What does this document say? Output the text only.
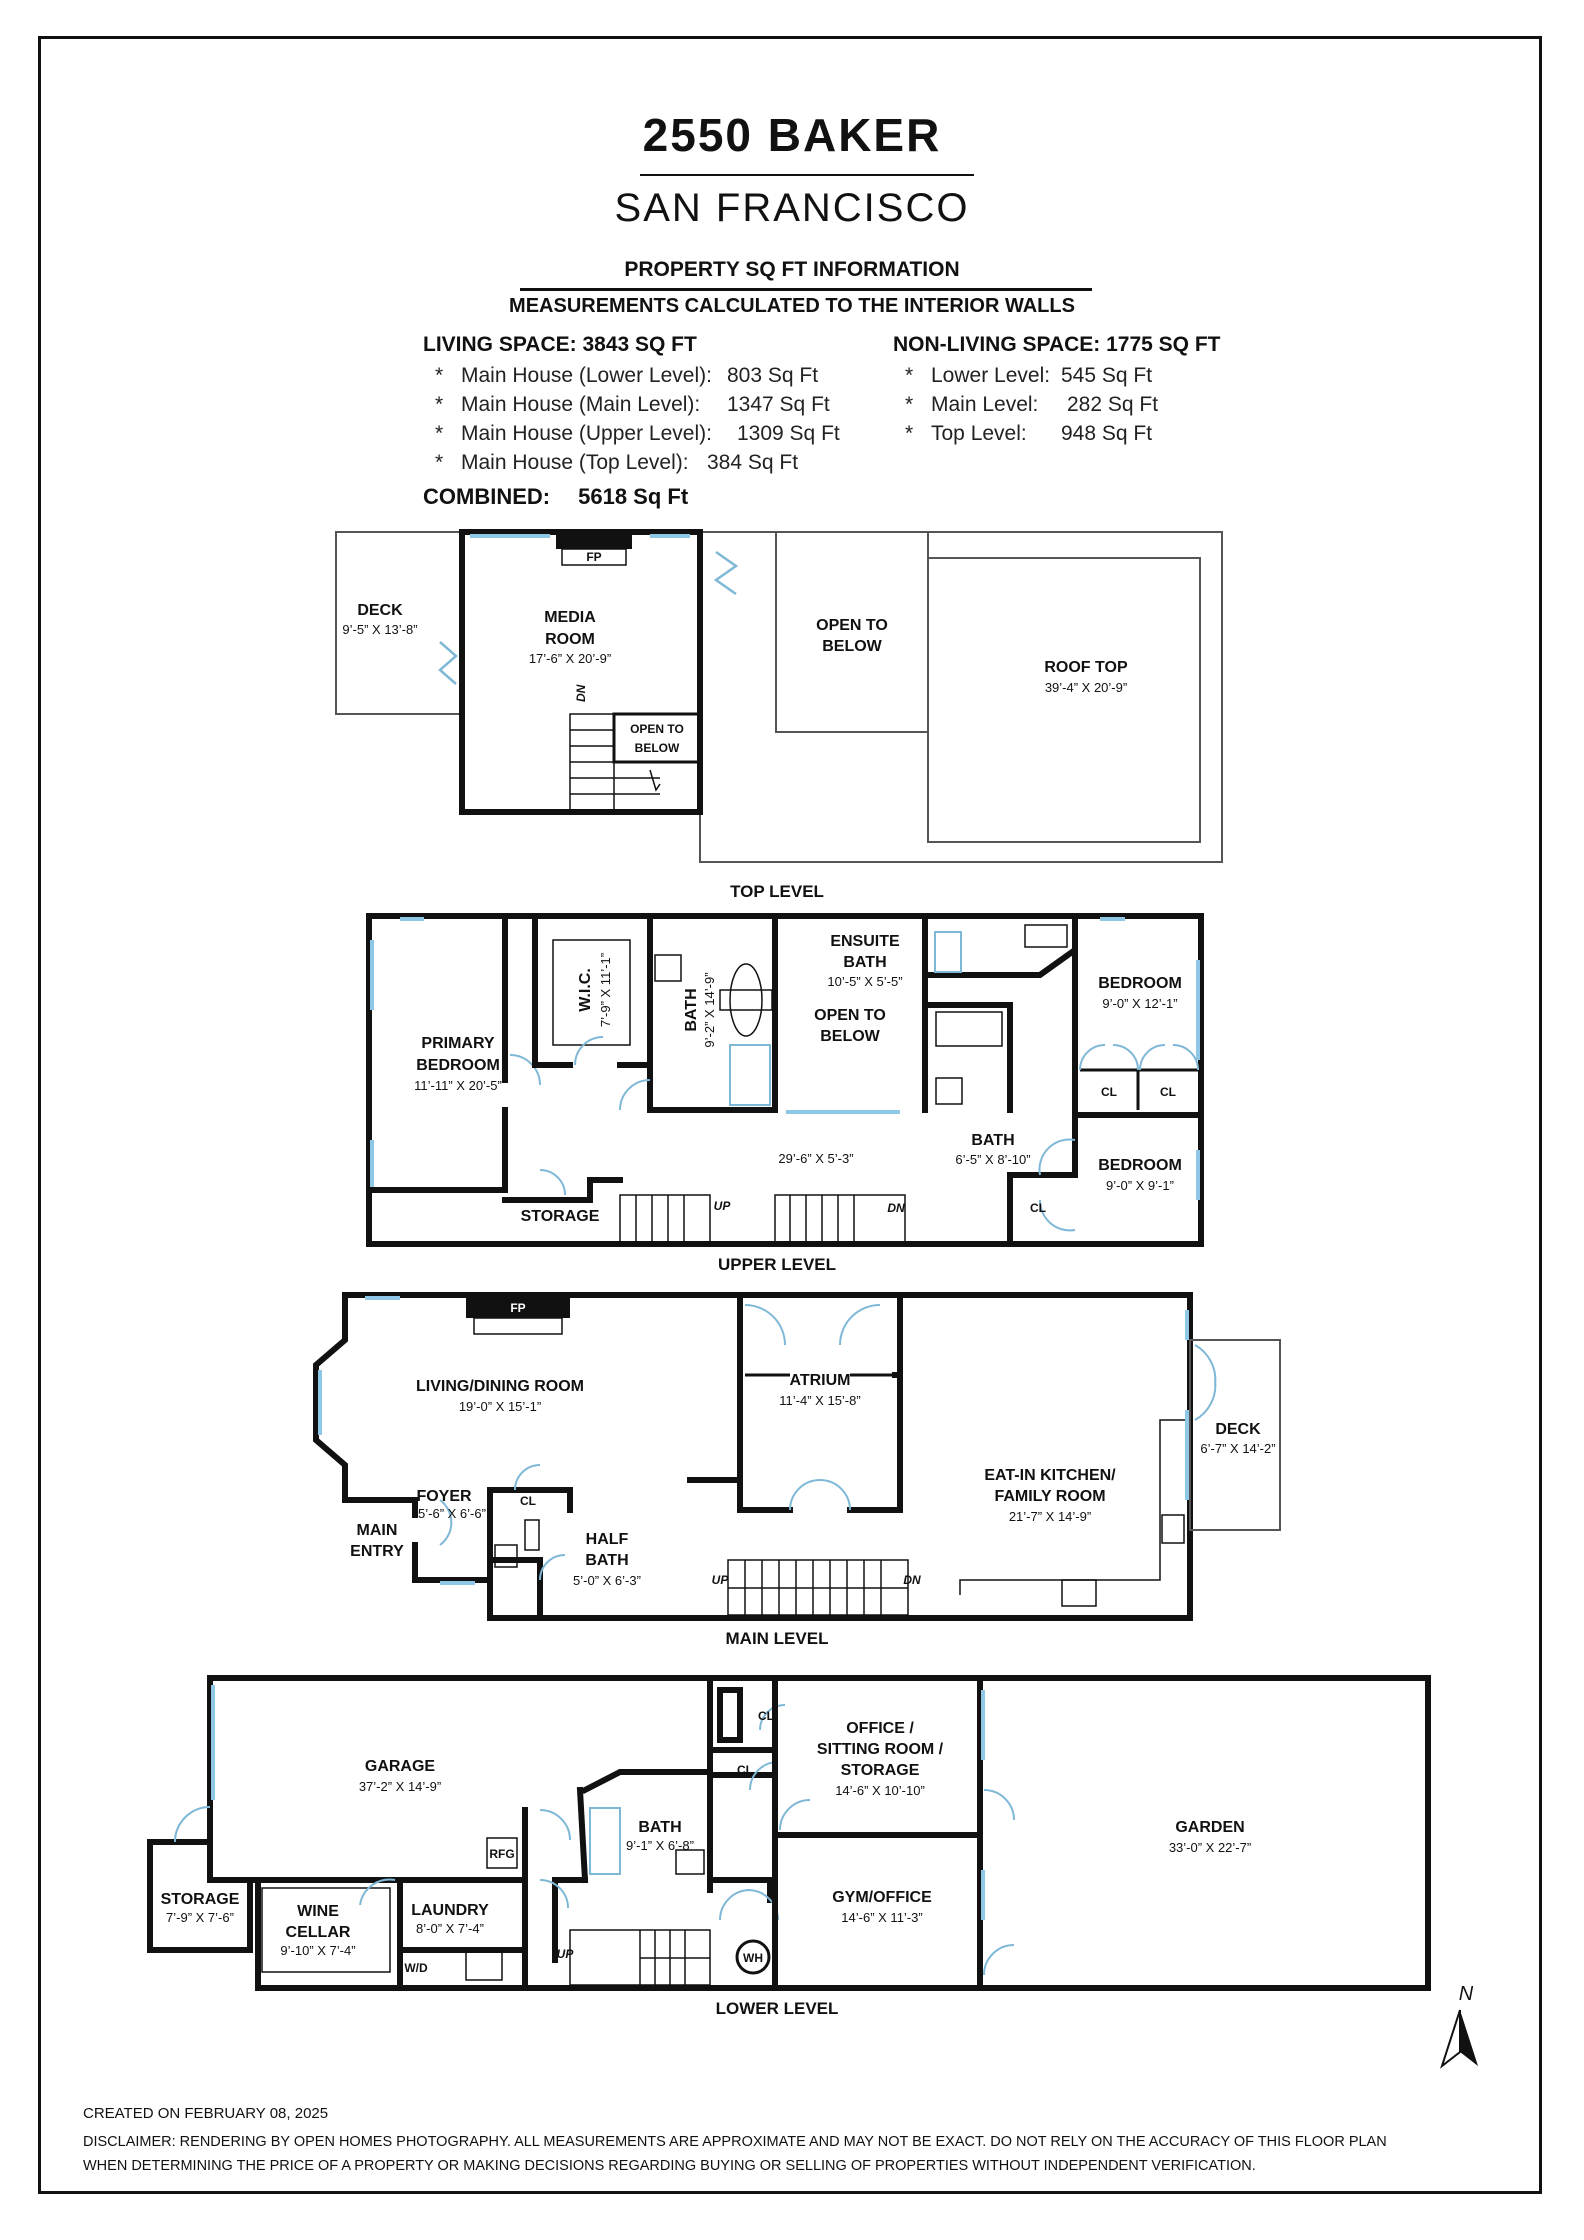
2550 BAKER
SAN FRANCISCO
PROPERTY SQ FT INFORMATION
MEASUREMENTS CALCULATED TO THE INTERIOR WALLS
LIVING SPACE: 3843 SQ FT
* Main House (Lower Level): 803 Sq Ft
* Main House (Main Level):	1347 Sq Ft
* Main House (Upper Level):	1309 Sq Ft
* Main House (Top Level): 384 Sq Ft
NON-LIVING SPACE: 1775 SQ FT
* Lower Level: 545 Sq Ft
* Main Level:	282 Sq Ft
* Top Level:	948 Sq Ft
COMBINED: 5618 Sq Ft
FP
DN
DECK
9’-5” X 13’-8”
MEDIA
ROOM
17’-6” X 20’-9”
OPEN TO
BELOW
OPEN TO
BELOW
ROOF TOP
39’-4” X 20’-9”
TOP LEVEL
PRIMARY
BEDROOM
11’-11” X 20’-5”
W.I.C. 7’-9” X 11’-1”	BATH 9’-2” X 14’-9”
ENSUITE
BATH
10’-5” X 5’-5”
OPEN TO
BELOW
BEDROOM
9’-0” X 12’-1”
CL	CL
29’-6” X 5’-3”
BATH
6’-5” X 8’-10”	BEDROOM
9’-0” X 9’-1”
CL
STORAGE
UP	DN
UPPER LEVEL
FP
LIVING/DINING ROOM
19’-0” X 15’-1”
ATRIUM
11’-4” X 15’-8”
DECK
6’-7” X 14’-2”
FOYER
5’-6” X 6’-6”
CL
MAIN
ENTRY
HALF
BATH
5’-0” X 6’-3”
EAT-IN KITCHEN/
FAMILY ROOM
21’-7” X 14’-9”
UP	DN
MAIN LEVEL
GARAGE
37’-2” X 14’-9”
RFG
BATH
9’-1” X 6’-8”
CL
CL
OFFICE /
SITTING ROOM /
STORAGE
14’-6” X 10’-10”
GARDEN
33’-0” X 22’-7”
STORAGE
7’-9” X 7’-6”	WINE
CELLAR
9’-10” X 7’-4”
LAUNDRY
8’-0” X 7’-4”
W/D
WH
UP
GYM/OFFICE
14’-6” X 11’-3”
LOWER LEVEL
N
CREATED ON FEBRUARY 08, 2025
DISCLAIMER: RENDERING BY OPEN HOMES PHOTOGRAPHY. ALL MEASUREMENTS ARE APPROXIMATE AND MAY NOT BE EXACT. DO NOT RELY ON THE ACCURACY OF THIS FLOOR PLAN
WHEN DETERMINING THE PRICE OF A PROPERTY OR MAKING DECISIONS REGARDING BUYING OR SELLING OF PROPERTIES WITHOUT INDEPENDENT VERIFICATION.
